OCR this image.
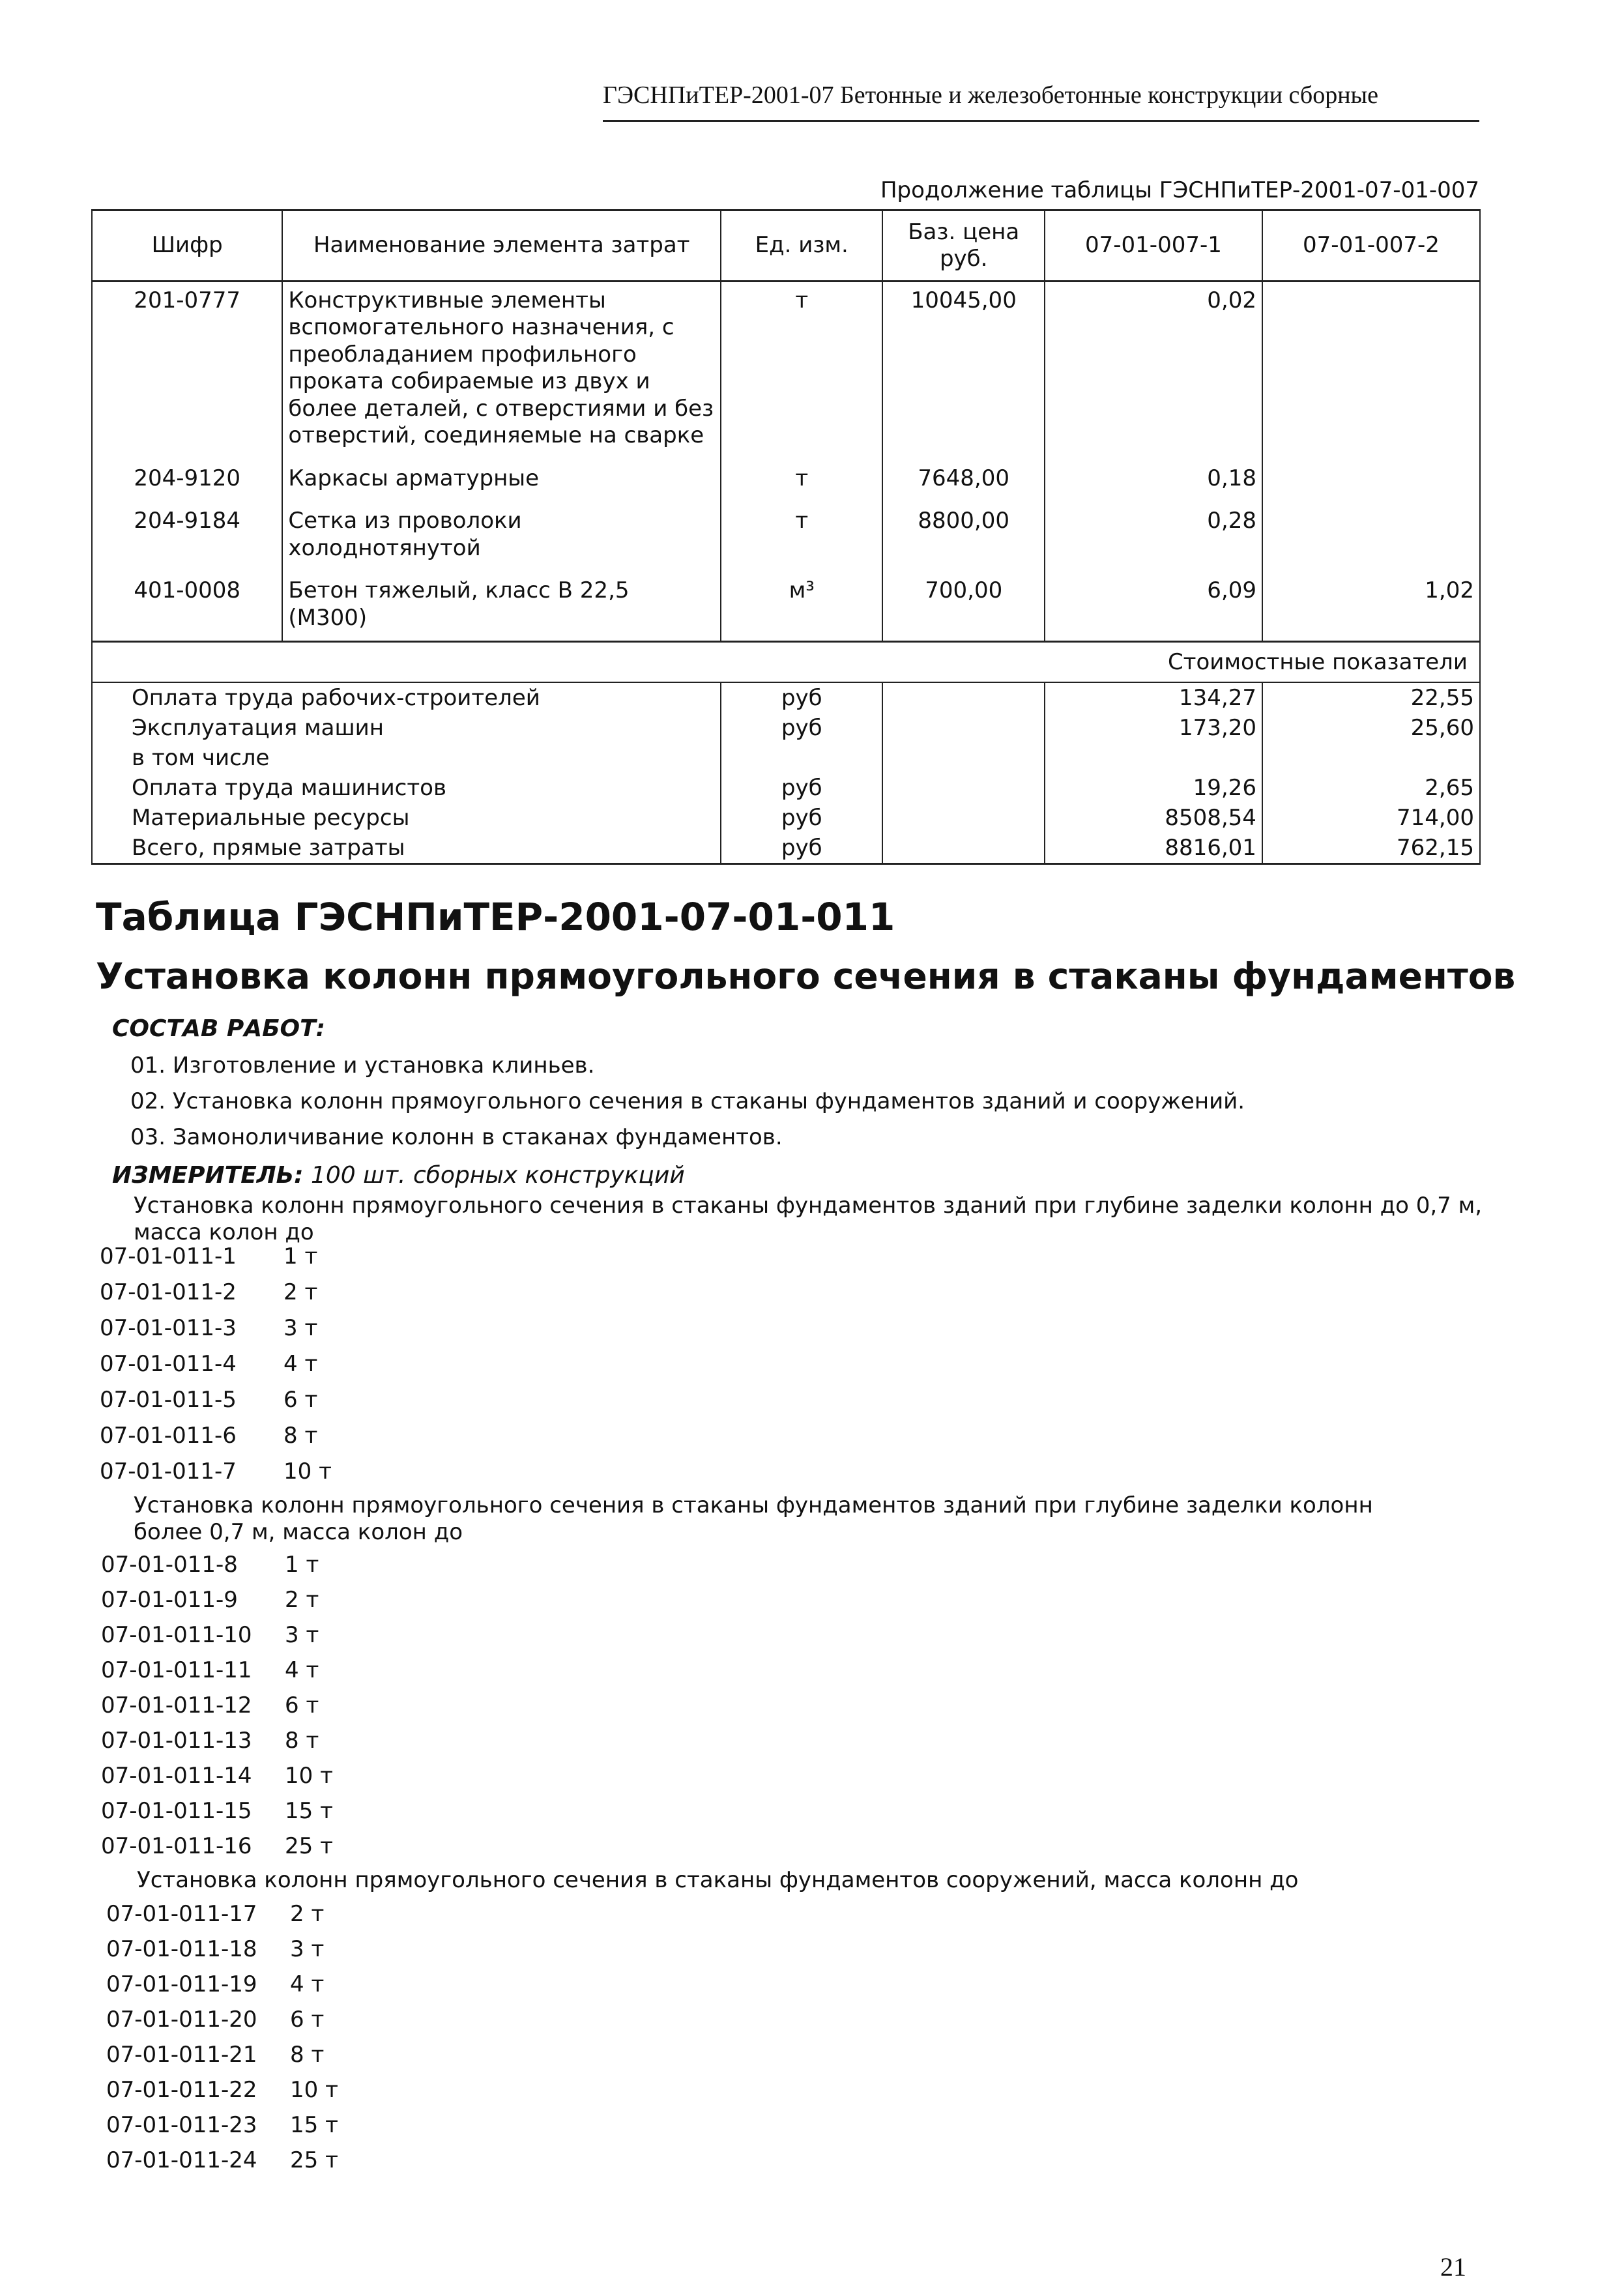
ГЭСНПиТЕР-2001-07 Бетонные и железобетонные конструкции сборные
Продолжение таблицы ГЭСНПиТЕР-2001-07-01-007
Шифр	Наименование элемента затрат	Ед. изм.	Баз. цена руб.	07-01-007-1	07-01-007-2
201-0777	Конструктивные элементы вспомогательного назначения, с преобладанием профильного проката собираемые из двух и более деталей, с отверстиями и без отверстий, соединяемые на сварке	т	10045,00	0,02	
204-9120	Каркасы арматурные	т	7648,00	0,18	
204-9184	Сетка из проволоки холоднотянутой	т	8800,00	0,28	
401-0008	Бетон тяжелый, класс В 22,5 (М300)	м³	700,00	6,09	1,02
Стоимостные показатели					
Оплата труда рабочих-строителей		руб		134,27	22,55
Эксплуатация машин		руб		173,20	25,60
в том числе					
Оплата труда машинистов		руб		19,26	2,65
Материальные ресурсы		руб		8508,54	714,00
Всего, прямые затраты		руб		8816,01	762,15
Таблица ГЭСНПиТЕР-2001-07-01-011
Установка колонн прямоугольного сечения в стаканы фундаментов
СОСТАВ РАБОТ:
01. Изготовление и установка клиньев.
02. Установка колонн прямоугольного сечения в стаканы фундаментов зданий и сооружений.
03. Замоноличивание колонн в стаканах фундаментов.
ИЗМЕРИТЕЛЬ: 100 шт. сборных конструкций
Установка колонн прямоугольного сечения в стаканы фундаментов зданий при глубине заделки колонн до 0,7 м, масса колон до
07-01-011-1 1 т
07-01-011-2 2 т
07-01-011-3 3 т
07-01-011-4 4 т
07-01-011-5 6 т
07-01-011-6 8 т
07-01-011-7 10 т
Установка колонн прямоугольного сечения в стаканы фундаментов зданий при глубине заделки колонн более 0,7 м, масса колон до
07-01-011-8 1 т
07-01-011-9 2 т
07-01-011-10 3 т
07-01-011-11 4 т
07-01-011-12 6 т
07-01-011-13 8 т
07-01-011-14 10 т
07-01-011-15 15 т
07-01-011-16 25 т
Установка колонн прямоугольного сечения в стаканы фундаментов сооружений, масса колонн до
07-01-011-17 2 т
07-01-011-18 3 т
07-01-011-19 4 т
07-01-011-20 6 т
07-01-011-21 8 т
07-01-011-22 10 т
07-01-011-23 15 т
07-01-011-24 25 т
21
